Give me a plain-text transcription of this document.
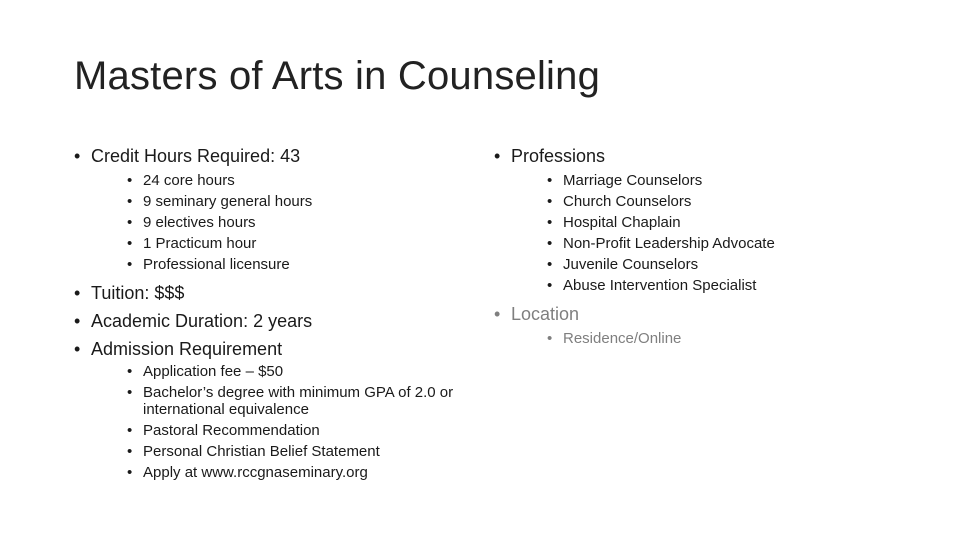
Masters of Arts in Counseling
• Credit Hours Required: 43
• 24 core hours
• 9 seminary general hours
• 9 electives hours
• 1 Practicum hour
• Professional licensure
• Tuition: $$$
• Academic Duration: 2 years
• Admission Requirement
• Application fee – $50
• Bachelor’s degree with minimum GPA of 2.0 or international equivalence
• Pastoral Recommendation
• Personal Christian Belief Statement
• Apply at www.rccgnaseminary.org
• Professions
• Marriage Counselors
• Church Counselors
• Hospital Chaplain
• Non-Profit Leadership Advocate
• Juvenile Counselors
• Abuse Intervention Specialist
• Location
• Residence/Online
